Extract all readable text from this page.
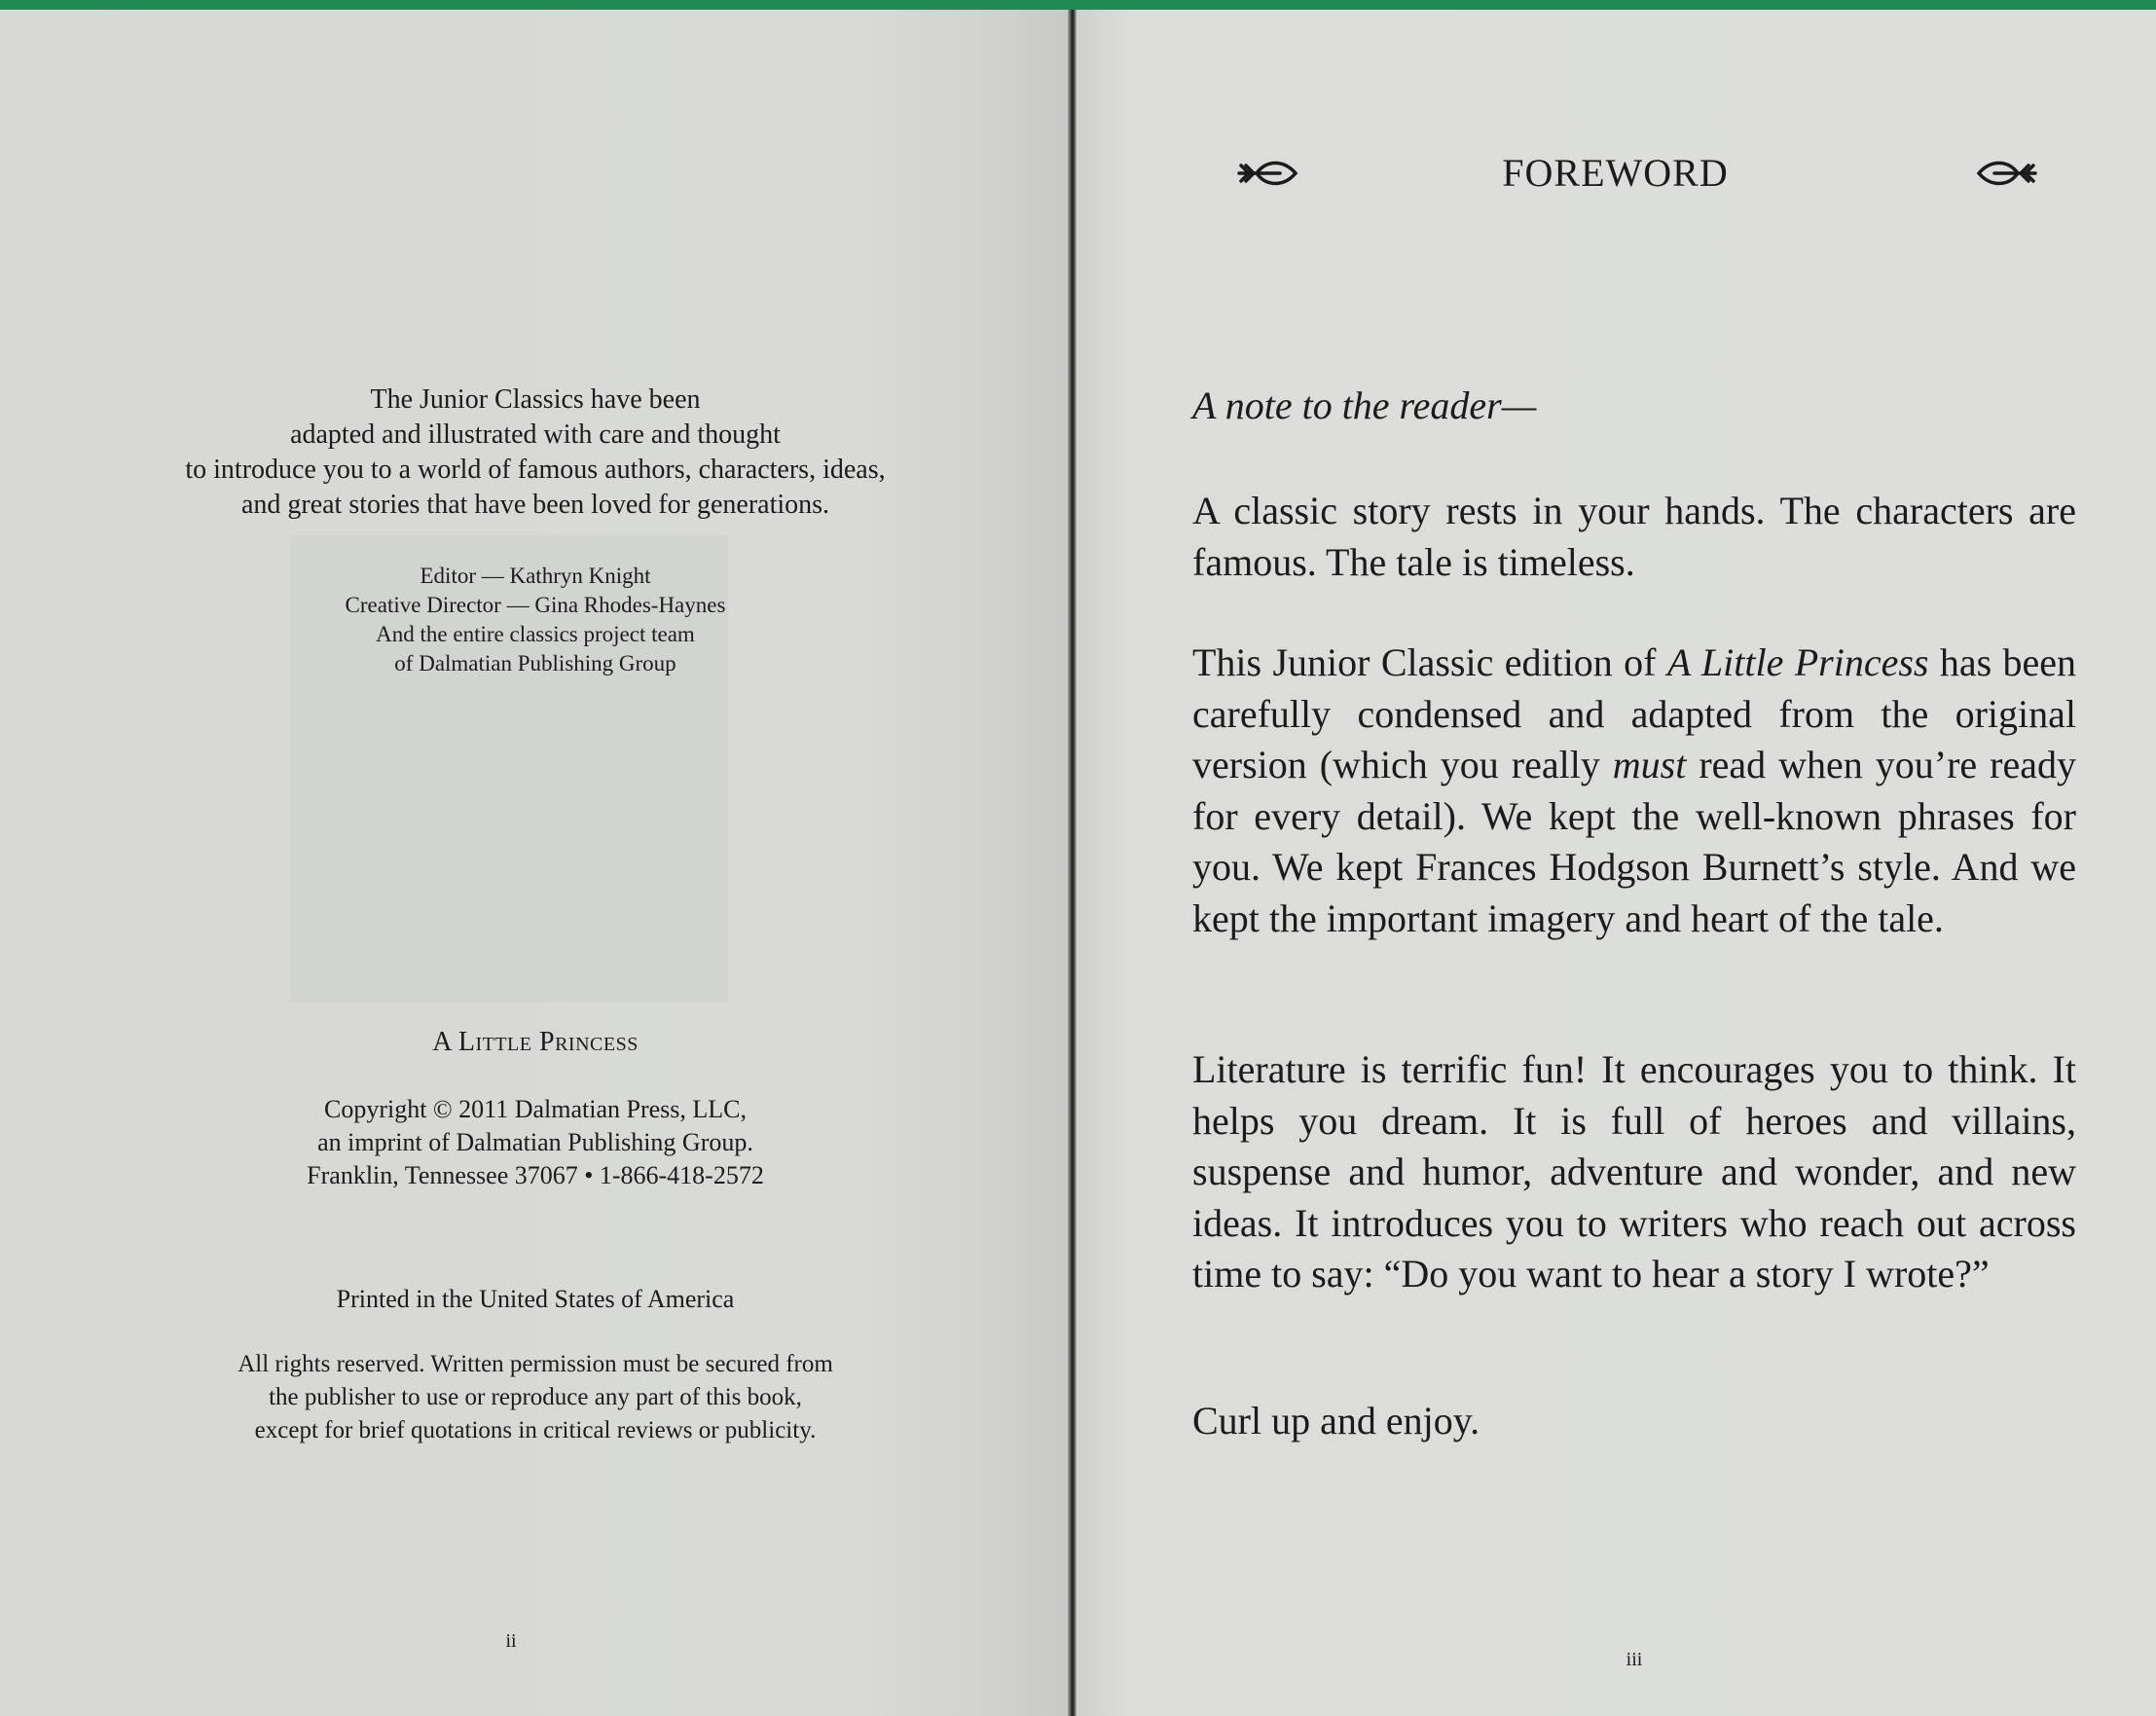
The Junior Classics have been
adapted and illustrated with care and thought
to introduce you to a world of famous authors, characters, ideas,
and great stories that have been loved for generations.
Editor — Kathryn Knight
Creative Director — Gina Rhodes-Haynes
And the entire classics project team
of Dalmatian Publishing Group
A Little Princess
Copyright © 2011 Dalmatian Press, LLC,
an imprint of Dalmatian Publishing Group.
Franklin, Tennessee 37067 • 1-866-418-2572
Printed in the United States of America
All rights reserved. Written permission must be secured from
the publisher to use or reproduce any part of this book,
except for brief quotations in critical reviews or publicity.
ii
FOREWORD
A note to the reader—
A classic story rests in your hands. The characters are famous. The tale is timeless.
This Junior Classic edition of A Little Princess has been carefully condensed and adapted from the original version (which you really must read when you’re ready for every detail). We kept the well-known phrases for you. We kept Frances Hodgson Burnett’s style. And we kept the important imagery and heart of the tale.
Literature is terrific fun! It encourages you to think. It helps you dream. It is full of heroes and villains, suspense and humor, adventure and wonder, and new ideas. It introduces you to writers who reach out across time to say: “Do you want to hear a story I wrote?”
Curl up and enjoy.
iii
